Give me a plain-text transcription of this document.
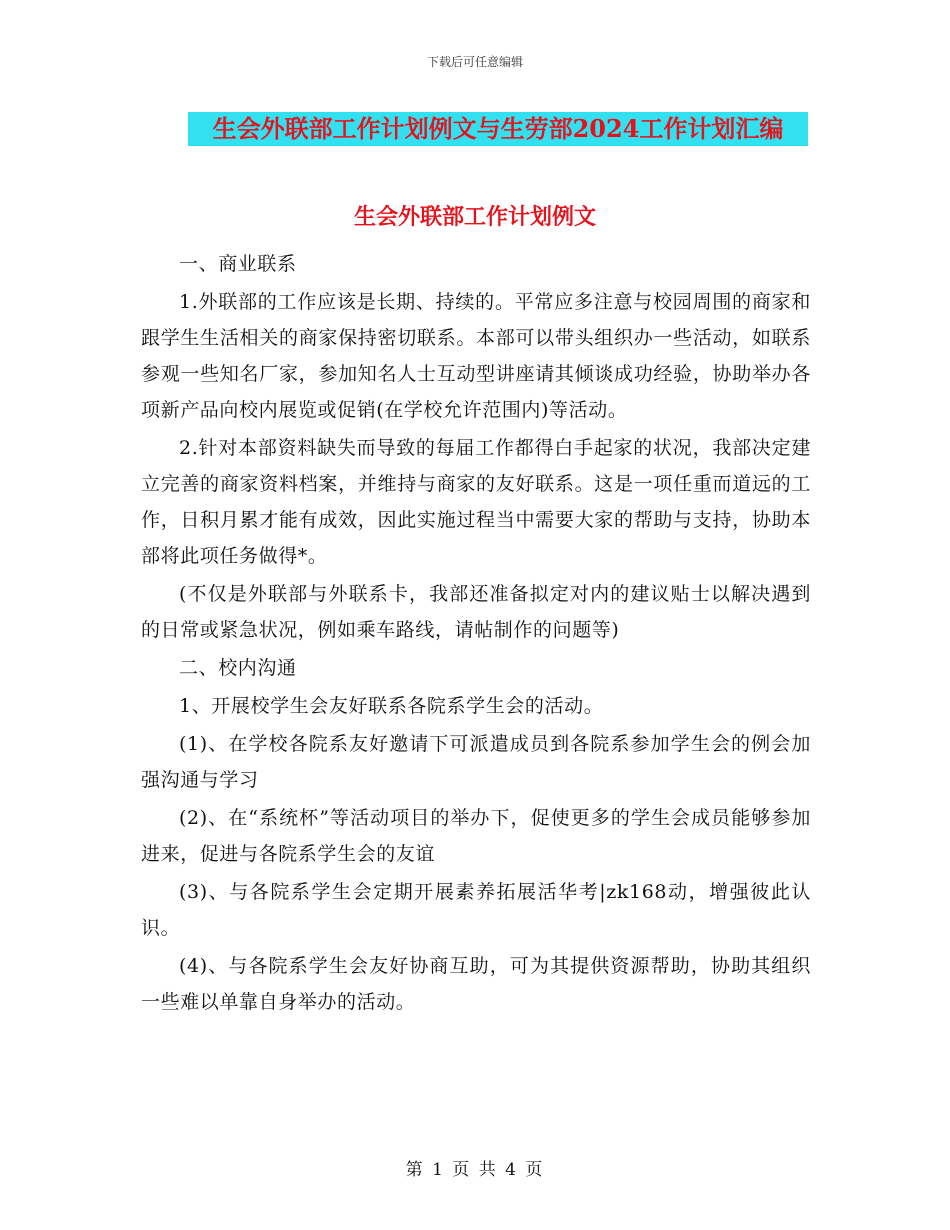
下载后可任意编辑
生会外联部工作计划例文与生劳部2024工作计划汇编
生会外联部工作计划例文

一、商业联系

1.外联部的工作应该是长期、持续的。平常应多注意与校园周围的商家和跟学生生活相关的商家保持密切联系。本部可以带头组织办一些活动，如联系参观一些知名厂家，参加知名人士互动型讲座请其倾谈成功经验，协助举办各项新产品向校内展览或促销(在学校允许范围内)等活动。

2.针对本部资料缺失而导致的每届工作都得白手起家的状况，我部决定建立完善的商家资料档案，并维持与商家的友好联系。这是一项任重而道远的工作，日积月累才能有成效，因此实施过程当中需要大家的帮助与支持，协助本部将此项任务做得*。

(不仅是外联部与外联系卡，我部还准备拟定对内的建议贴士以解决遇到的日常或紧急状况，例如乘车路线，请帖制作的问题等)

二、校内沟通

1、开展校学生会友好联系各院系学生会的活动。

(1)、在学校各院系友好邀请下可派遣成员到各院系参加学生会的例会加强沟通与学习

(2)、在“系统杯”等活动项目的举办下，促使更多的学生会成员能够参加进来，促进与各院系学生会的友谊

(3)、与各院系学生会定期开展素养拓展活华考|zk168动，增强彼此认识。

(4)、与各院系学生会友好协商互助，可为其提供资源帮助，协助其组织一些难以单靠自身举办的活动。

第 1 页 共 4 页
